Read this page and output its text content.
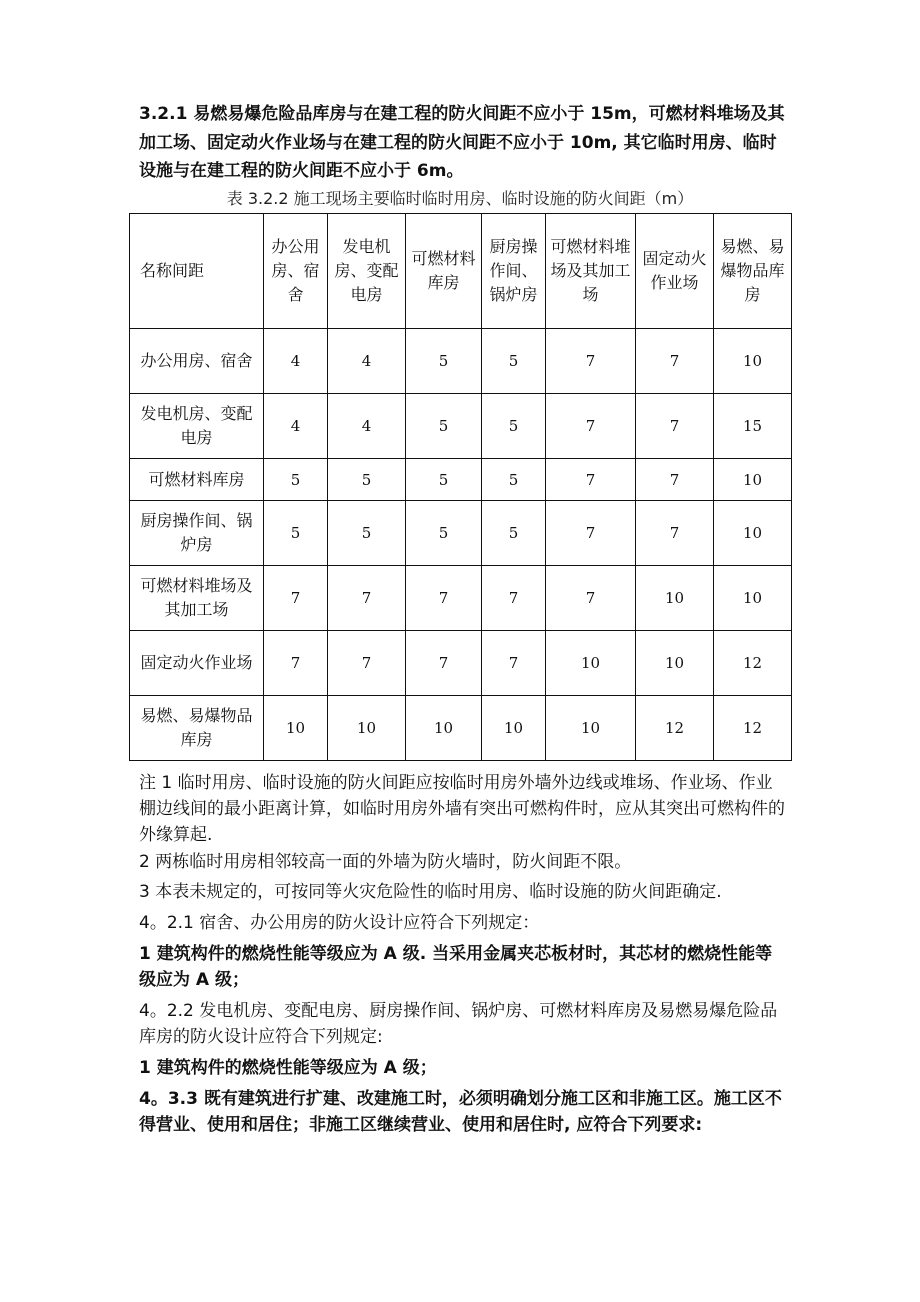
3.2.1 易燃易爆危险品库房与在建工程的防火间距不应小于 15m，可燃材料堆场及其加工场、固定动火作业场与在建工程的防火间距不应小于 10m, 其它临时用房、临时设施与在建工程的防火间距不应小于 6m。
表 3.2.2 施工现场主要临时临时用房、临时设施的防火间距（m）
名称间距	办公用房、宿舍	发电机房、变配电房	可燃材料库房	厨房操作间、锅炉房	可燃材料堆场及其加工场	固定动火作业场	易燃、易爆物品库房
办公用房、宿舍	4	4	5	5	7	7	10
发电机房、变配电房	4	4	5	5	7	7	15
可燃材料库房	5	5	5	5	7	7	10
厨房操作间、锅炉房	5	5	5	5	7	7	10
可燃材料堆场及其加工场	7	7	7	7	7	10	10
固定动火作业场	7	7	7	7	10	10	12
易燃、易爆物品库房	10	10	10	10	10	12	12
注 1 临时用房、临时设施的防火间距应按临时用房外墙外边线或堆场、作业场、作业棚边线间的最小距离计算，如临时用房外墙有突出可燃构件时，应从其突出可燃构件的外缘算起.
2 两栋临时用房相邻较高一面的外墙为防火墙时，防火间距不限。
3 本表未规定的，可按同等火灾危险性的临时用房、临时设施的防火间距确定.
4。2.1 宿舍、办公用房的防火设计应符合下列规定：
1 建筑构件的燃烧性能等级应为 A 级. 当采用金属夹芯板材时，其芯材的燃烧性能等级应为 A 级；
4。2.2 发电机房、变配电房、厨房操作间、锅炉房、可燃材料库房及易燃易爆危险品库房的防火设计应符合下列规定:
1 建筑构件的燃烧性能等级应为 A 级；
4。3.3 既有建筑进行扩建、改建施工时，必须明确划分施工区和非施工区。施工区不得营业、使用和居住；非施工区继续营业、使用和居住时, 应符合下列要求:
